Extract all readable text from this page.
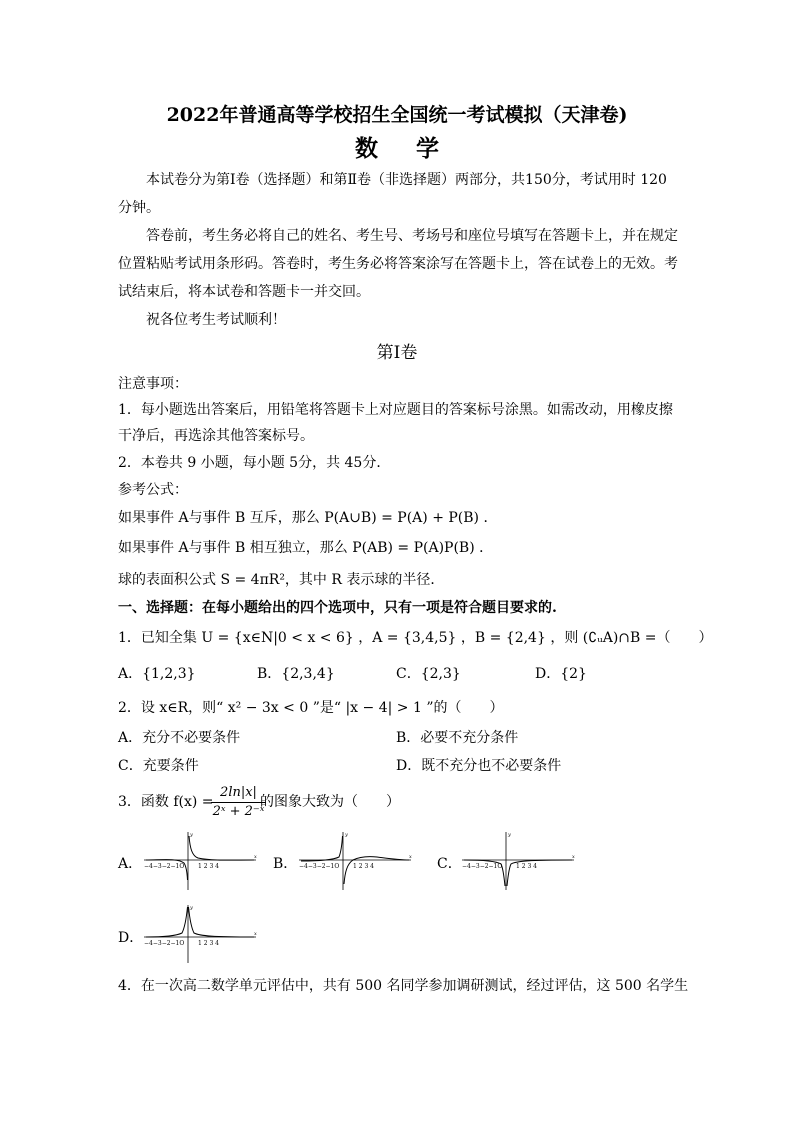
2022年普通高等学校招生全国统一考试模拟（天津卷)
数学
本试卷分为第Ⅰ卷（选择题）和第Ⅱ卷（非选择题）两部分，共150分，考试用时 120
分钟。
答卷前，考生务必将自己的姓名、考生号、考场号和座位号填写在答题卡上，并在规定
位置粘贴考试用条形码。答卷时，考生务必将答案涂写在答题卡上，答在试卷上的无效。考
试结束后，将本试卷和答题卡一并交回。
祝各位考生考试顺利！
第Ⅰ卷
注意事项：
1．每小题选出答案后，用铅笔将答题卡上对应题目的答案标号涂黑。如需改动，用橡皮擦
干净后，再选涂其他答案标号。
2．本卷共 9 小题，每小题 5分，共 45分．
参考公式：
如果事件 A与事件 B 互斥，那么 P(A∪B) = P(A) + P(B) ．
如果事件 A与事件 B 相互独立，那么 P(AB) = P(A)P(B) ．
球的表面积公式 S = 4πR²，其中 R 表示球的半径．
一、选择题：在每小题给出的四个选项中，只有一项是符合题目要求的.
1．已知全集 U = {x∈N|0 < x < 6} ，A = {3,4,5} ，B = {2,4} ，则 (∁ᵤA)∩B =（　　）
A．{1,2,3}	B．{2,3,4}	C．{2,3}	D．{2}
2．设 x∈R，则“ x² − 3x < 0 ”是“ |x − 4| > 1 ”的（　　）
A．充分不必要条件	B．必要不充分条件
C．充要条件	D．既不充分也不必要条件
3．函数 f(x) =
2ln|x|
2ˣ + 2⁻ˣ
的图象大致为（　　）
A． −4−3−2−1O 1 2 3 4
y
x B． −4−3−2−1O 1 2 3 4
y
x C． −4−3−2−1O 1 2 3 4
y
x
D． −4−3−2−1O 1 2 3 4
y
x
4．在一次高二数学单元评估中，共有 500 名同学参加调研测试，经过评估，这 500 名学生
